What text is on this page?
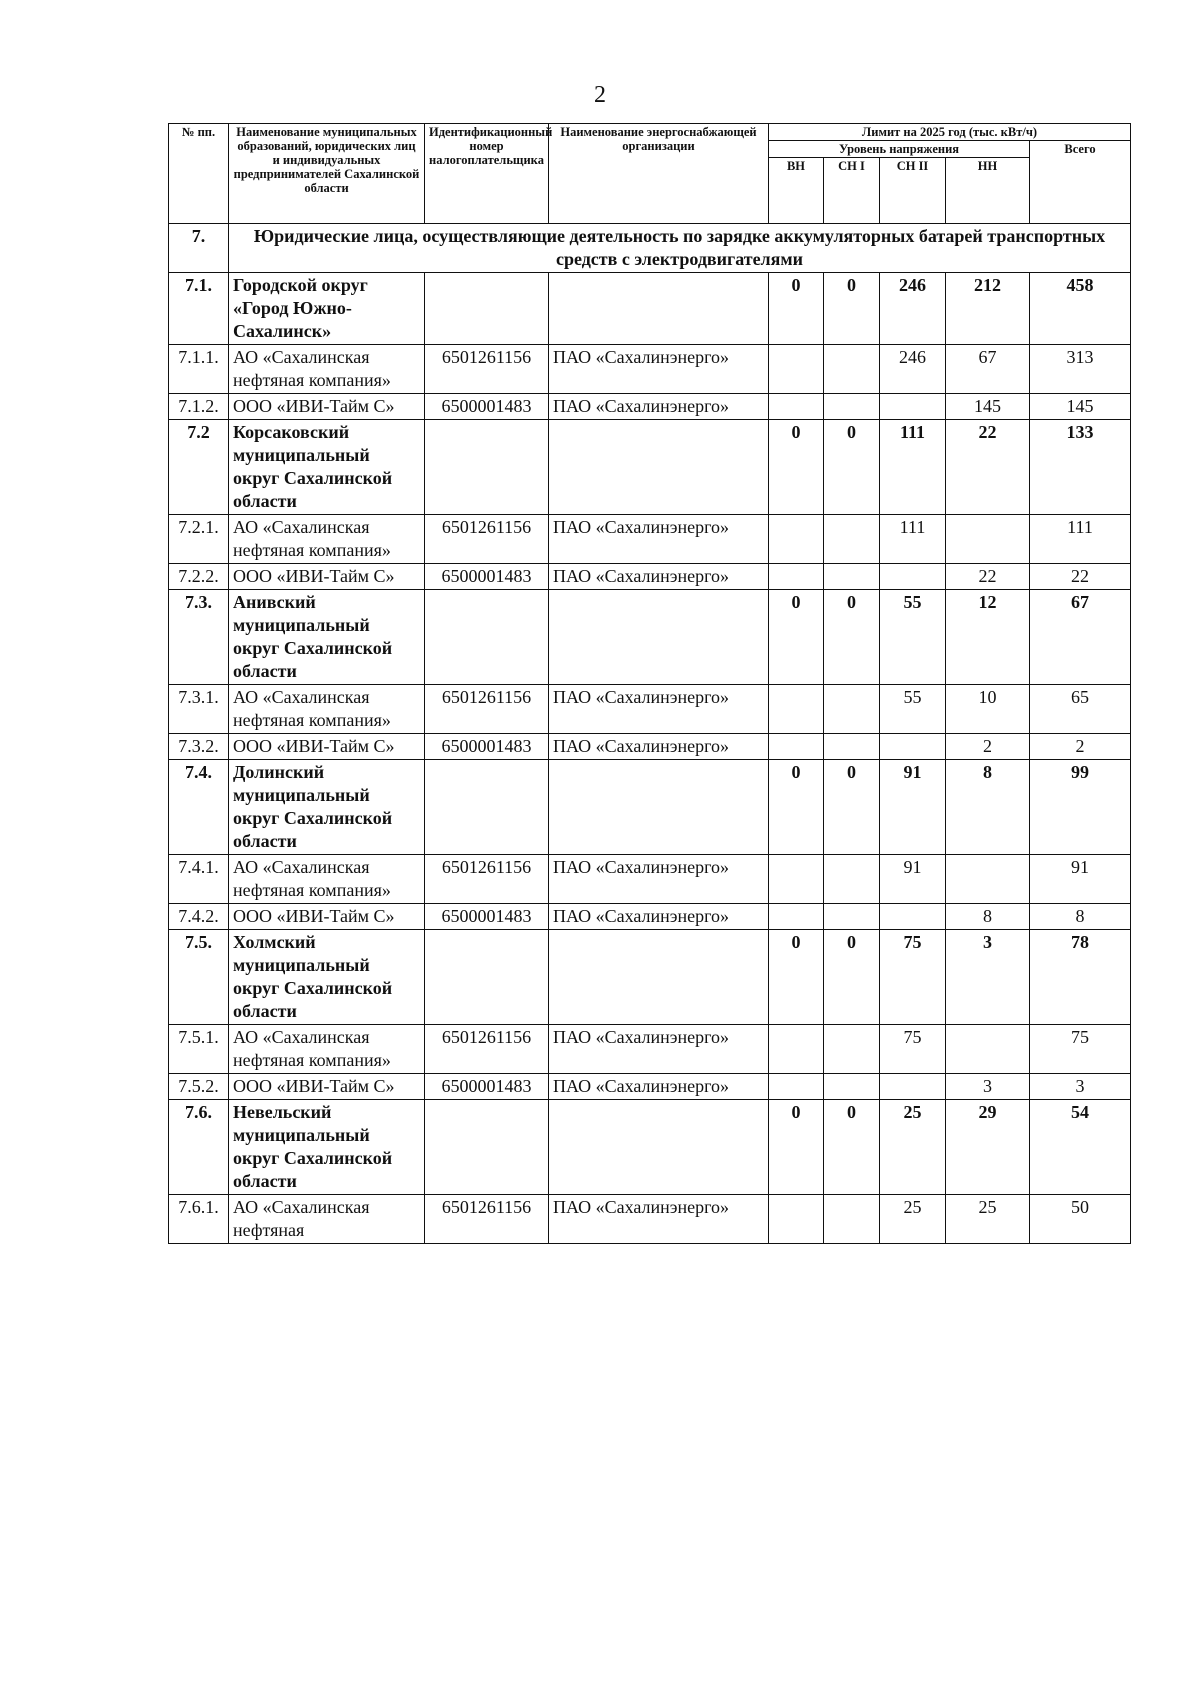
2
№ пп.	Наименование муниципальных образований, юридических лиц и индивидуальных предпринимателей Сахалинской области	Идентификационный номер налогоплательщика	Наименование энергоснабжающей организации	Лимит на 2025 год (тыс. кВт/ч)				
				Уровень напряжения				Всего
				ВН	СН I	СН II	НН	
7.	Юридические лица, осуществляющие деятельность по зарядке аккумуляторных батарей транспортных средств с электродвигателями							
7.1.	Городской округ «Город Южно-Сахалинск»			0	0	246	212	458
7.1.1.	АО «Сахалинская нефтяная компания»	6501261156	ПАО «Сахалинэнерго»			246	67	313
7.1.2.	ООО «ИВИ-Тайм С»	6500001483	ПАО «Сахалинэнерго»				145	145
7.2	Корсаковский муниципальный округ Сахалинской области			0	0	111	22	133
7.2.1.	АО «Сахалинская нефтяная компания»	6501261156	ПАО «Сахалинэнерго»			111		111
7.2.2.	ООО «ИВИ-Тайм С»	6500001483	ПАО «Сахалинэнерго»				22	22
7.3.	Анивский муниципальный округ Сахалинской области			0	0	55	12	67
7.3.1.	АО «Сахалинская нефтяная компания»	6501261156	ПАО «Сахалинэнерго»			55	10	65
7.3.2.	ООО «ИВИ-Тайм С»	6500001483	ПАО «Сахалинэнерго»				2	2
7.4.	Долинский муниципальный округ Сахалинской области			0	0	91	8	99
7.4.1.	АО «Сахалинская нефтяная компания»	6501261156	ПАО «Сахалинэнерго»			91		91
7.4.2.	ООО «ИВИ-Тайм С»	6500001483	ПАО «Сахалинэнерго»				8	8
7.5.	Холмский муниципальный округ Сахалинской области			0	0	75	3	78
7.5.1.	АО «Сахалинская нефтяная компания»	6501261156	ПАО «Сахалинэнерго»			75		75
7.5.2.	ООО «ИВИ-Тайм С»	6500001483	ПАО «Сахалинэнерго»				3	3
7.6.	Невельский муниципальный округ Сахалинской области			0	0	25	29	54
7.6.1.	АО «Сахалинская нефтяная	6501261156	ПАО «Сахалинэнерго»			25	25	50
